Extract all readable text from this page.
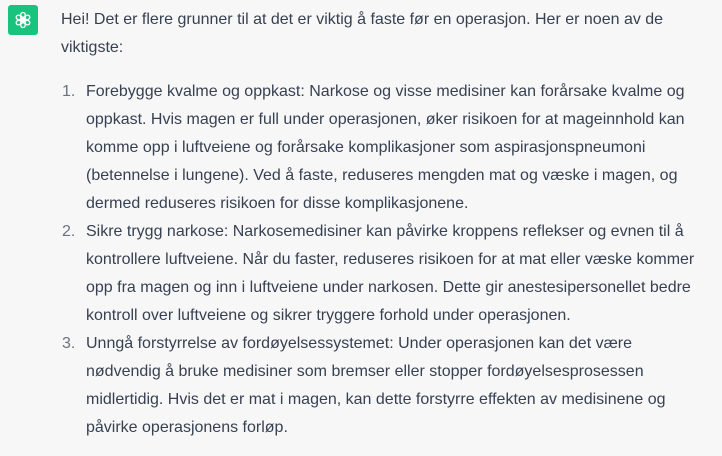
Hei! Det er flere grunner til at det er viktig å faste før en operasjon. Her er noen av de viktigste:

1. Forebygge kvalme og oppkast: Narkose og visse medisiner kan forårsake kvalme og oppkast. Hvis magen er full under operasjonen, øker risikoen for at mageinnhold kan komme opp i luftveiene og forårsake komplikasjoner som aspirasjonspneumoni (betennelse i lungene). Ved å faste, reduseres mengden mat og væske i magen, og dermed reduseres risikoen for disse komplikasjonene.
2. Sikre trygg narkose: Narkosemedisiner kan påvirke kroppens reflekser og evnen til å kontrollere luftveiene. Når du faster, reduseres risikoen for at mat eller væske kommer opp fra magen og inn i luftveiene under narkosen. Dette gir anestesipersonellet bedre kontroll over luftveiene og sikrer tryggere forhold under operasjonen.
3. Unngå forstyrrelse av fordøyelsessystemet: Under operasjonen kan det være nødvendig å bruke medisiner som bremser eller stopper fordøyelsesprosessen midlertidig. Hvis det er mat i magen, kan dette forstyrre effekten av medisinene og påvirke operasjonens forløp.
